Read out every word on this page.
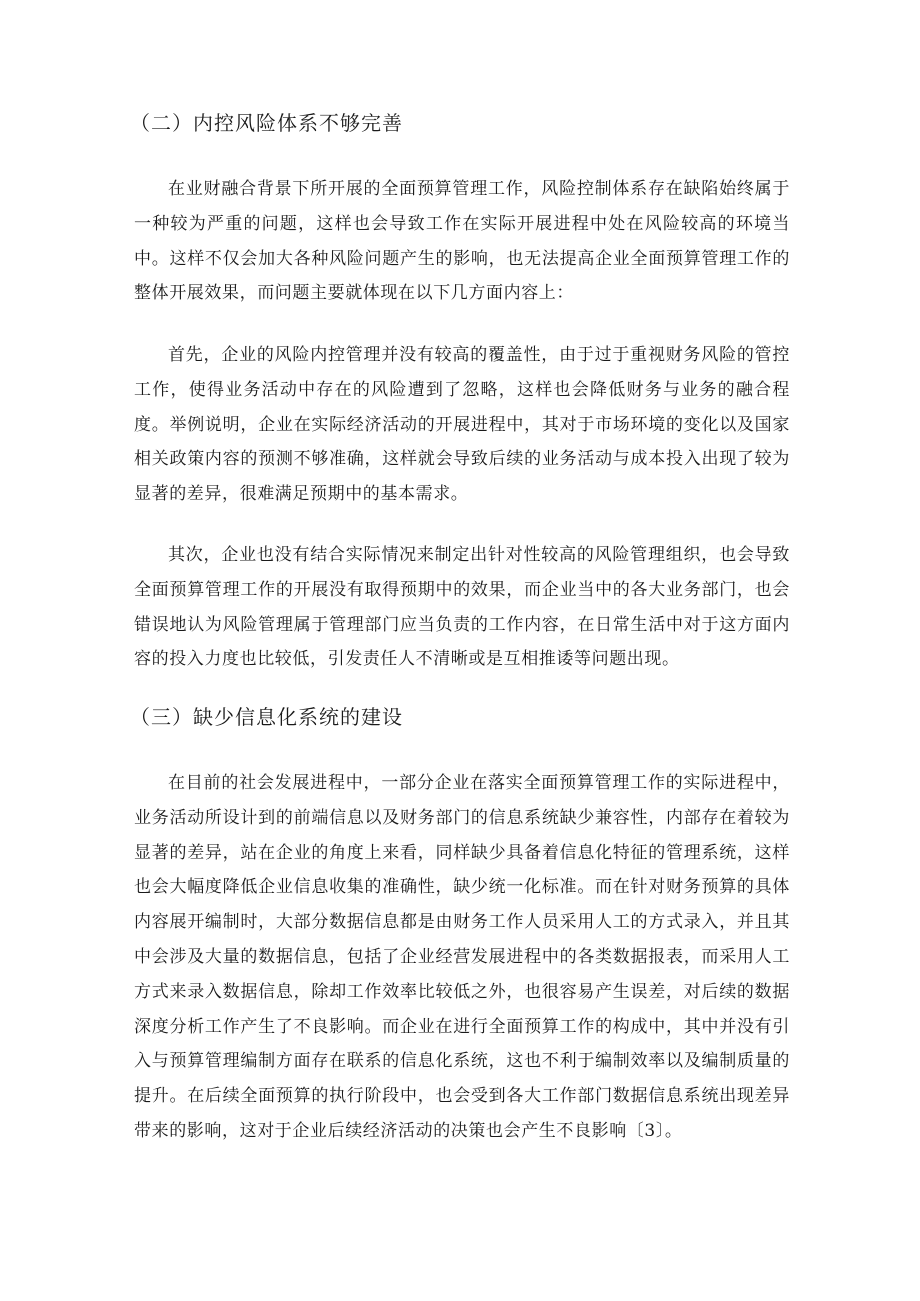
（二）内控风险体系不够完善

在业财融合背景下所开展的全面预算管理工作，风险控制体系存在缺陷始终属于一种较为严重的问题，这样也会导致工作在实际开展进程中处在风险较高的环境当中。这样不仅会加大各种风险问题产生的影响，也无法提高企业全面预算管理工作的整体开展效果，而问题主要就体现在以下几方面内容上：

首先，企业的风险内控管理并没有较高的覆盖性，由于过于重视财务风险的管控工作，使得业务活动中存在的风险遭到了忽略，这样也会降低财务与业务的融合程度。举例说明，企业在实际经济活动的开展进程中，其对于市场环境的变化以及国家相关政策内容的预测不够准确，这样就会导致后续的业务活动与成本投入出现了较为显著的差异，很难满足预期中的基本需求。

其次，企业也没有结合实际情况来制定出针对性较高的风险管理组织，也会导致全面预算管理工作的开展没有取得预期中的效果，而企业当中的各大业务部门，也会错误地认为风险管理属于管理部门应当负责的工作内容，在日常生活中对于这方面内容的投入力度也比较低，引发责任人不清晰或是互相推诿等问题出现。

（三）缺少信息化系统的建设

在目前的社会发展进程中，一部分企业在落实全面预算管理工作的实际进程中，业务活动所设计到的前端信息以及财务部门的信息系统缺少兼容性，内部存在着较为显著的差异，站在企业的角度上来看，同样缺少具备着信息化特征的管理系统，这样也会大幅度降低企业信息收集的准确性，缺少统一化标准。而在针对财务预算的具体内容展开编制时，大部分数据信息都是由财务工作人员采用人工的方式录入，并且其中会涉及大量的数据信息，包括了企业经营发展进程中的各类数据报表，而采用人工方式来录入数据信息，除却工作效率比较低之外，也很容易产生误差，对后续的数据深度分析工作产生了不良影响。而企业在进行全面预算工作的构成中，其中并没有引入与预算管理编制方面存在联系的信息化系统，这也不利于编制效率以及编制质量的提升。在后续全面预算的执行阶段中，也会受到各大工作部门数据信息系统出现差异带来的影响，这对于企业后续经济活动的决策也会产生不良影响〔3〕。
